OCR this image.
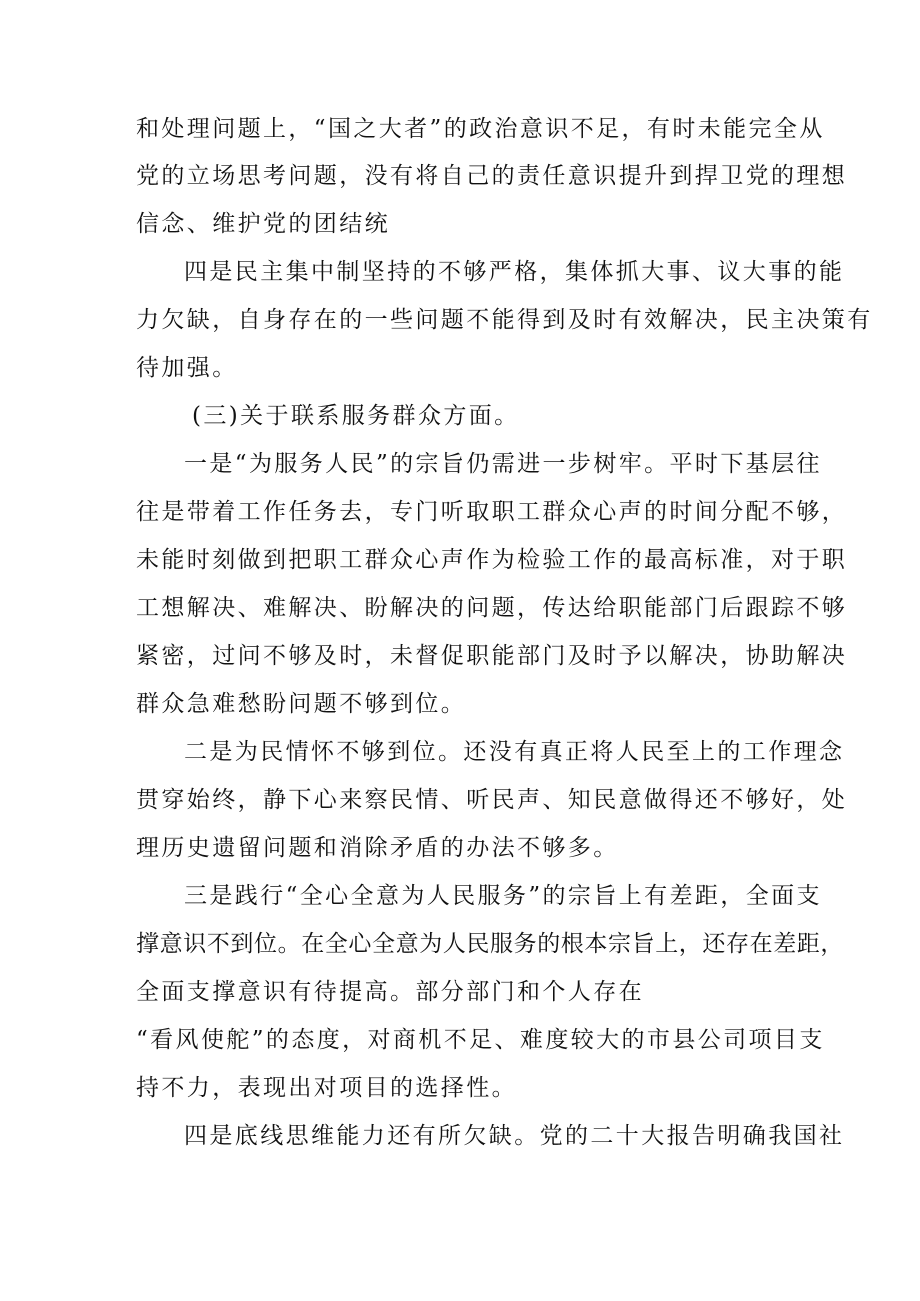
和处理问题上，“国之大者”的政治意识不足，有时未能完全从
党的立场思考问题，没有将自己的责任意识提升到捍卫党的理想
信念、维护党的团结统
四是民主集中制坚持的不够严格，集体抓大事、议大事的能
力欠缺，自身存在的一些问题不能得到及时有效解决，民主决策有
待加强。
(三)关于联系服务群众方面。
一是“为服务人民”的宗旨仍需进一步树牢。平时下基层往
往是带着工作任务去，专门听取职工群众心声的时间分配不够，
未能时刻做到把职工群众心声作为检验工作的最高标准，对于职
工想解决、难解决、盼解决的问题，传达给职能部门后跟踪不够
紧密，过问不够及时，未督促职能部门及时予以解决，协助解决
群众急难愁盼问题不够到位。
二是为民情怀不够到位。还没有真正将人民至上的工作理念
贯穿始终，静下心来察民情、听民声、知民意做得还不够好，处
理历史遗留问题和消除矛盾的办法不够多。
三是践行“全心全意为人民服务”的宗旨上有差距，全面支
撑意识不到位。在全心全意为人民服务的根本宗旨上，还存在差距，
全面支撑意识有待提高。部分部门和个人存在
“看风使舵”的态度，对商机不足、难度较大的市县公司项目支
持不力，表现出对项目的选择性。
四是底线思维能力还有所欠缺。党的二十大报告明确我国社
